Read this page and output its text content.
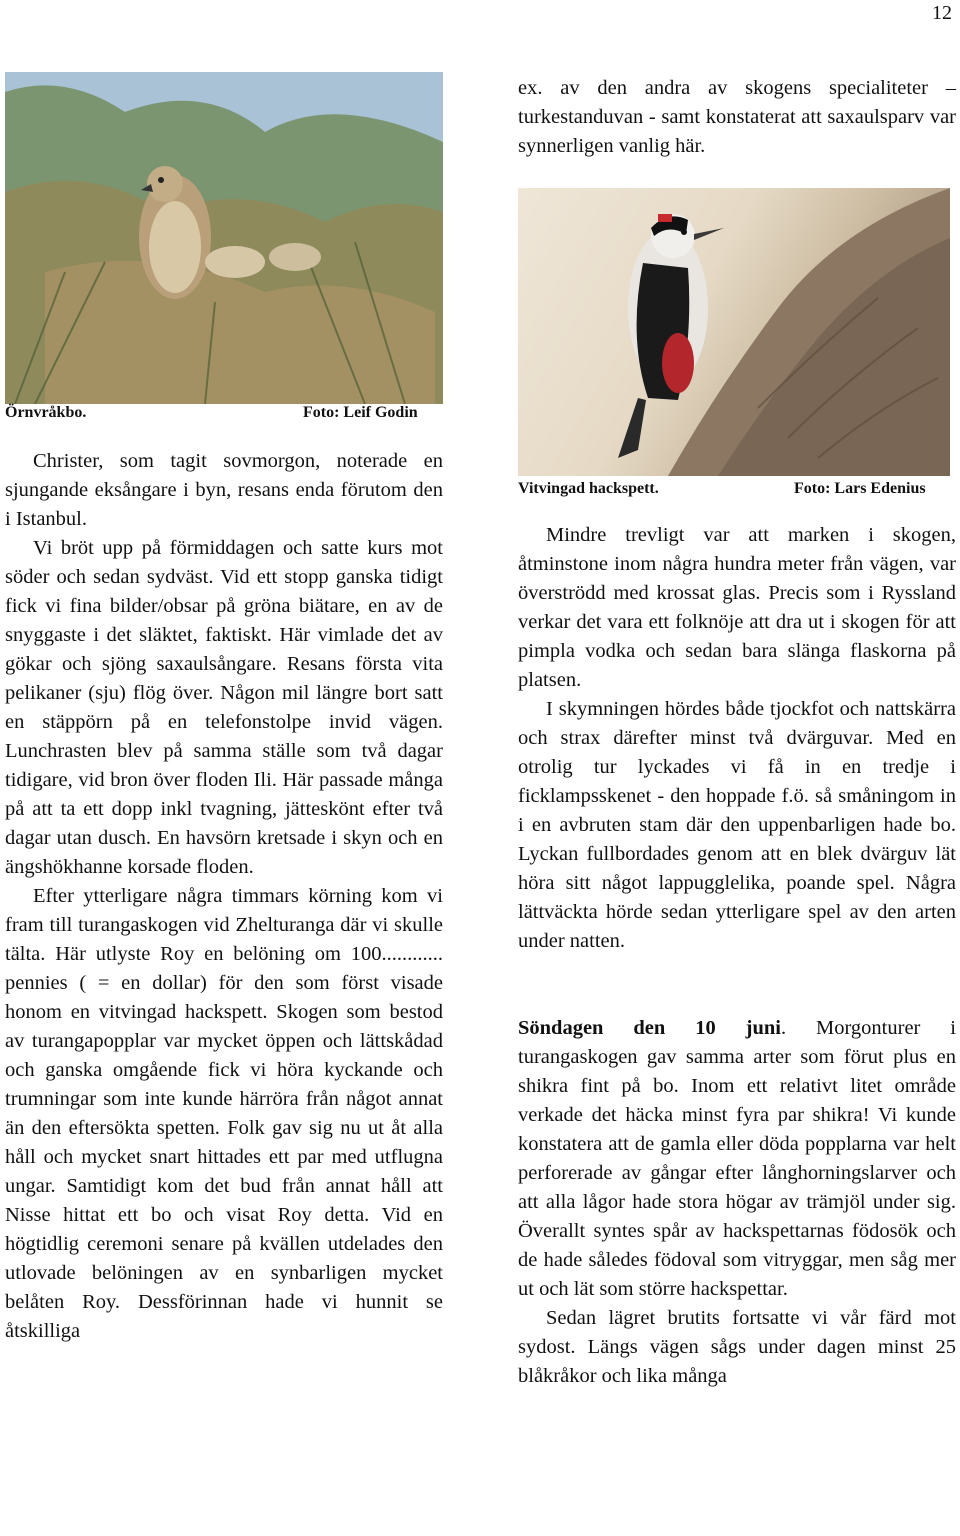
12
Örnvråkbo.	Foto: Leif Godin

ex. av den andra av skogens specialiteter – turkestanduvan - samt konstaterat att saxaulsparv var synnerligen vanlig här.

Vitvingad hackspett.	Foto: Lars Edenius

Christer, som tagit sovmorgon, noterade en sjungande eksångare i byn, resans enda förutom den i Istanbul.

Vi bröt upp på förmiddagen och satte kurs mot söder och sedan sydväst. Vid ett stopp ganska tidigt fick vi fina bilder/obsar på gröna biätare, en av de snyggaste i det släktet, faktiskt. Här vimlade det av gökar och sjöng saxaulsångare. Resans första vita pelikaner (sju) flög över. Någon mil längre bort satt en stäppörn på en telefonstolpe invid vägen. Lunchrasten blev på samma ställe som två dagar tidigare, vid bron över floden Ili. Här passade många på att ta ett dopp inkl tvagning, jätteskönt efter två dagar utan dusch. En havsörn kretsade i skyn och en ängshökhanne korsade floden.

Efter ytterligare några timmars körning kom vi fram till turangaskogen vid Zhelturanga där vi skulle tälta. Här utlyste Roy en belöning om 100............ pennies ( = en dollar) för den som först visade honom en vitvingad hackspett. Skogen som bestod av turangapopplar var mycket öppen och lättskådad och ganska omgående fick vi höra kyckande och trumningar som inte kunde härröra från något annat än den eftersökta spetten. Folk gav sig nu ut åt alla håll och mycket snart hittades ett par med utflugna ungar. Samtidigt kom det bud från annat håll att Nisse hittat ett bo och visat Roy detta. Vid en högtidlig ceremoni senare på kvällen utdelades den utlovade belöningen av en synbarligen mycket belåten Roy. Dessförinnan hade vi hunnit se åtskilliga

Mindre trevligt var att marken i skogen, åtminstone inom några hundra meter från vägen, var överströdd med krossat glas. Precis som i Ryssland verkar det vara ett folknöje att dra ut i skogen för att pimpla vodka och sedan bara slänga flaskorna på platsen.

I skymningen hördes både tjockfot och nattskärra och strax därefter minst två dvärguvar. Med en otrolig tur lyckades vi få in en tredje i ficklampsskenet - den hoppade f.ö. så småningom in i en avbruten stam där den uppenbarligen hade bo. Lyckan fullbordades genom att en blek dvärguv lät höra sitt något lappugglelika, poande spel. Några lättväckta hörde sedan ytterligare spel av den arten under natten.

Söndagen den 10 juni. Morgonturer i turangaskogen gav samma arter som förut plus en shikra fint på bo. Inom ett relativt litet område verkade det häcka minst fyra par shikra! Vi kunde konstatera att de gamla eller döda popplarna var helt perforerade av gångar efter långhorningslarver och att alla lågor hade stora högar av trämjöl under sig. Överallt syntes spår av hackspettarnas födosök och de hade således födoval som vitryggar, men såg mer ut och lät som större hackspettar.

Sedan lägret brutits fortsatte vi vår färd mot sydost. Längs vägen sågs under dagen minst 25 blåkråkor och lika många
